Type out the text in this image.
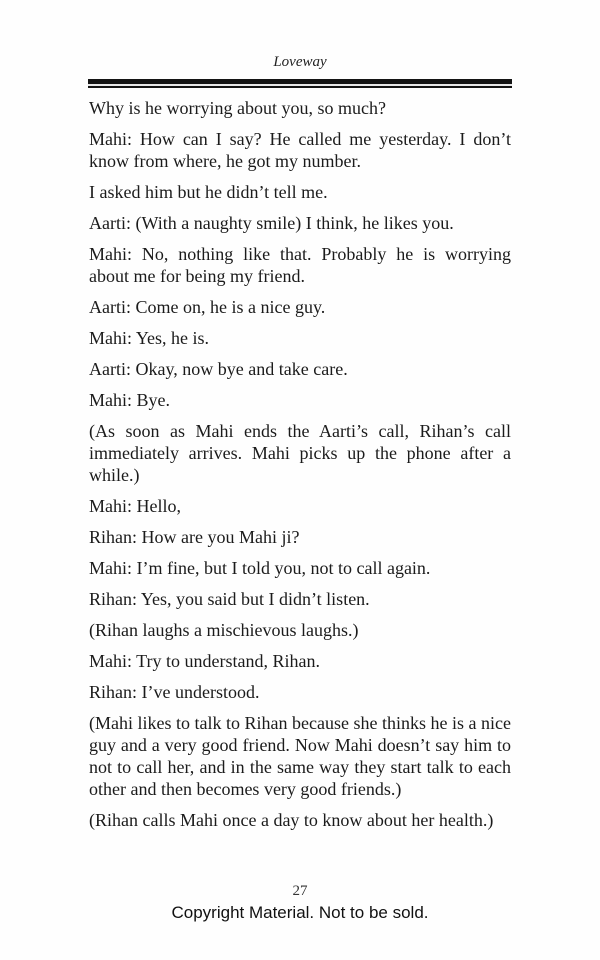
Loveway

Why is he worrying about you, so much?

Mahi: How can I say? He called me yesterday. I don’t know from where, he got my number.

I asked him but he didn’t tell me.

Aarti: (With a naughty smile) I think, he likes you.

Mahi: No, nothing like that. Probably he is worrying about me for being my friend.

Aarti: Come on, he is a nice guy.

Mahi: Yes, he is.

Aarti: Okay, now bye and take care.

Mahi: Bye.

(As soon as Mahi ends the Aarti’s call, Rihan’s call immediately arrives. Mahi picks up the phone after a while.)

Mahi: Hello,

Rihan: How are you Mahi ji?

Mahi: I’m fine, but I told you, not to call again.

Rihan: Yes, you said but I didn’t listen.

(Rihan laughs a mischievous laughs.)

Mahi: Try to understand, Rihan.

Rihan: I’ve understood.

(Mahi likes to talk to Rihan because she thinks he is a nice guy and a very good friend. Now Mahi doesn’t say him to not to call her, and in the same way they start talk to each other and then becomes very good friends.)

(Rihan calls Mahi once a day to know about her health.)

27
Copyright Material. Not to be sold.
